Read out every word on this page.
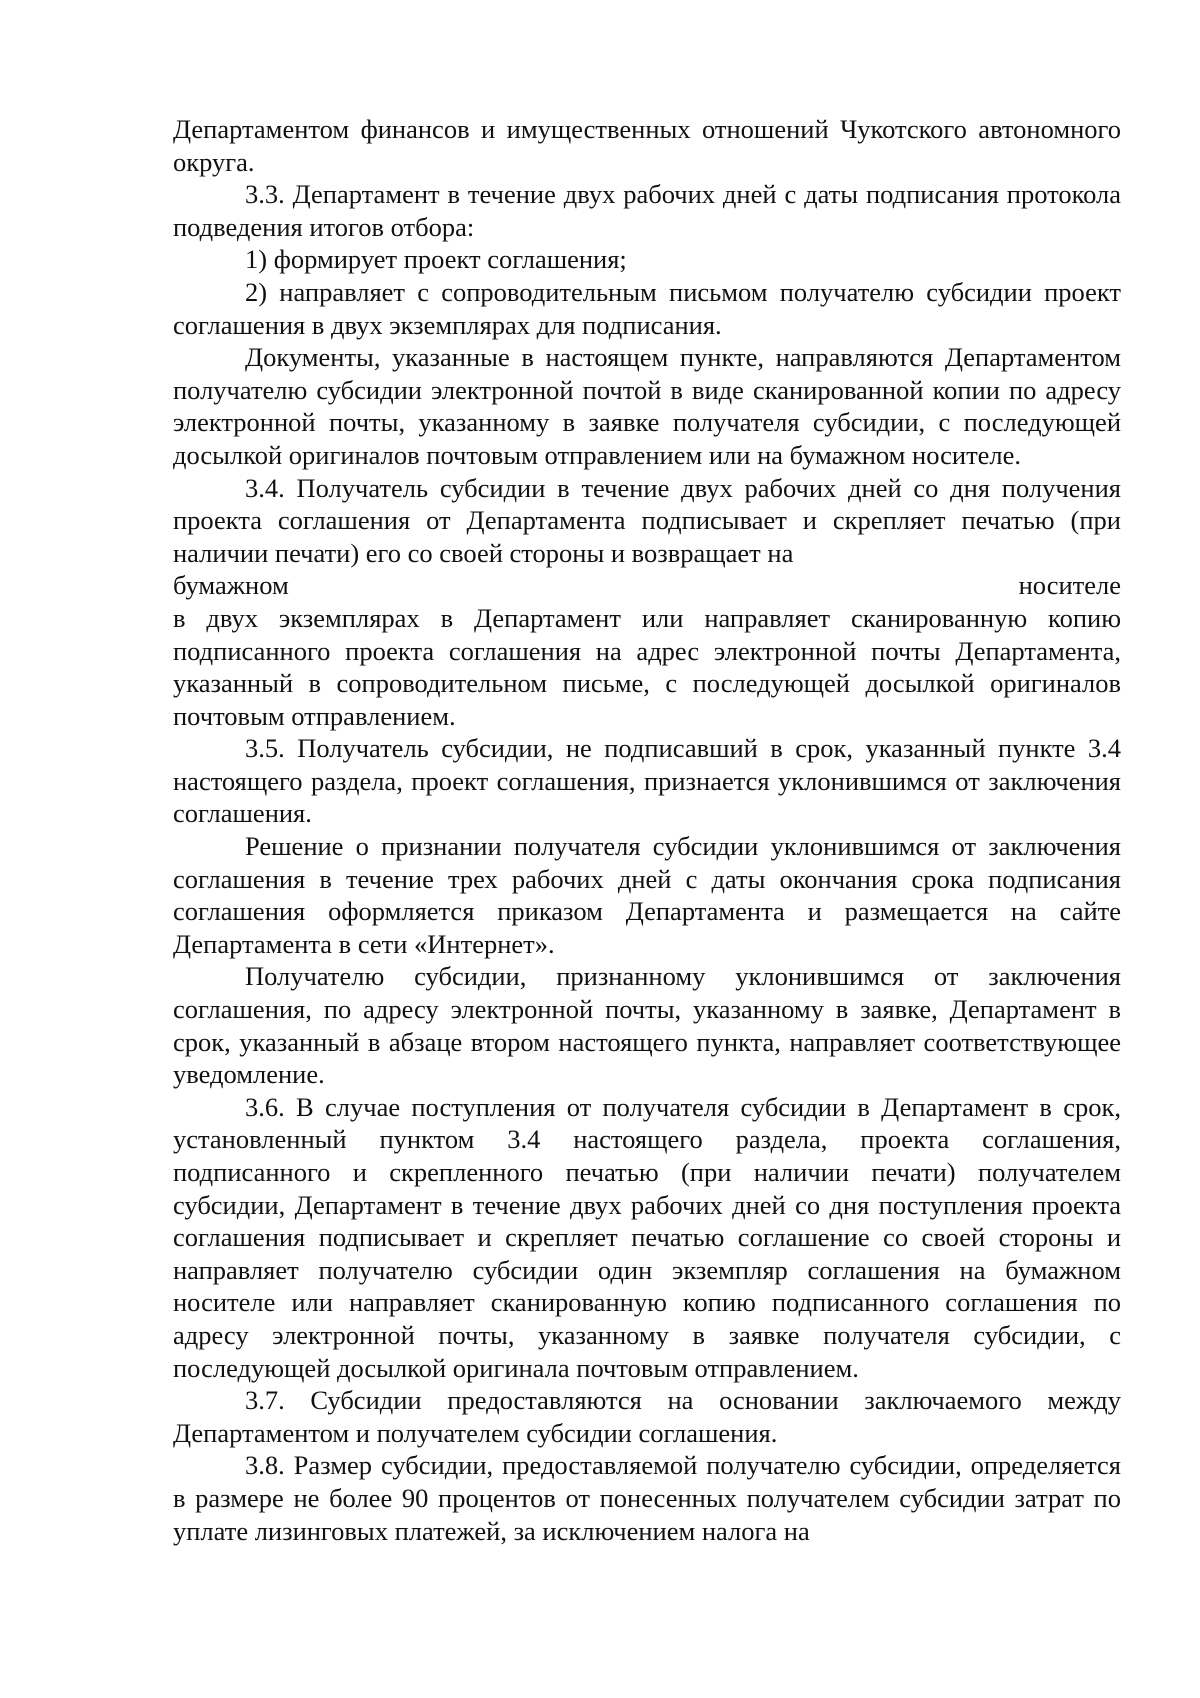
Департаментом финансов и имущественных отношений Чукотского автономного округа.

3.3. Департамент в течение двух рабочих дней с даты подписания протокола подведения итогов отбора:

1) формирует проект соглашения;

2) направляет с сопроводительным письмом получателю субсидии проект соглашения в двух экземплярах для подписания.

Документы, указанные в настоящем пункте, направляются Департаментом получателю субсидии электронной почтой в виде сканированной копии по адресу электронной почты, указанному в заявке получателя субсидии, с последующей досылкой оригиналов почтовым отправлением или на бумажном носителе.

3.4. Получатель субсидии в течение двух рабочих дней со дня получения проекта соглашения от Департамента подписывает и скрепляет печатью (при наличии печати) его со своей стороны и возвращает на

бумажном носителе

в двух экземплярах в Департамент или направляет сканированную копию подписанного проекта соглашения на адрес электронной почты Департамента, указанный в сопроводительном письме, с последующей досылкой оригиналов почтовым отправлением.

3.5. Получатель субсидии, не подписавший в срок, указанный пункте 3.4 настоящего раздела, проект соглашения, признается уклонившимся от заключения соглашения.

Решение о признании получателя субсидии уклонившимся от заключения соглашения в течение трех рабочих дней с даты окончания срока подписания соглашения оформляется приказом Департамента и размещается на сайте Департамента в сети «Интернет».

Получателю субсидии, признанному уклонившимся от заключения соглашения, по адресу электронной почты, указанному в заявке, Департамент в срок, указанный в абзаце втором настоящего пункта, направляет соответствующее уведомление.

3.6. В случае поступления от получателя субсидии в Департамент в срок, установленный пунктом 3.4 настоящего раздела, проекта соглашения, подписанного и скрепленного печатью (при наличии печати) получателем субсидии, Департамент в течение двух рабочих дней со дня поступления проекта соглашения подписывает и скрепляет печатью соглашение со своей стороны и направляет получателю субсидии один экземпляр соглашения на бумажном носителе или направляет сканированную копию подписанного соглашения по адресу электронной почты, указанному в заявке получателя субсидии, с последующей досылкой оригинала почтовым отправлением.

3.7. Субсидии предоставляются на основании заключаемого между Департаментом и получателем субсидии соглашения.

3.8. Размер субсидии, предоставляемой получателю субсидии, определяется в размере не более 90 процентов от понесенных получателем субсидии затрат по уплате лизинговых платежей, за исключением налога на
